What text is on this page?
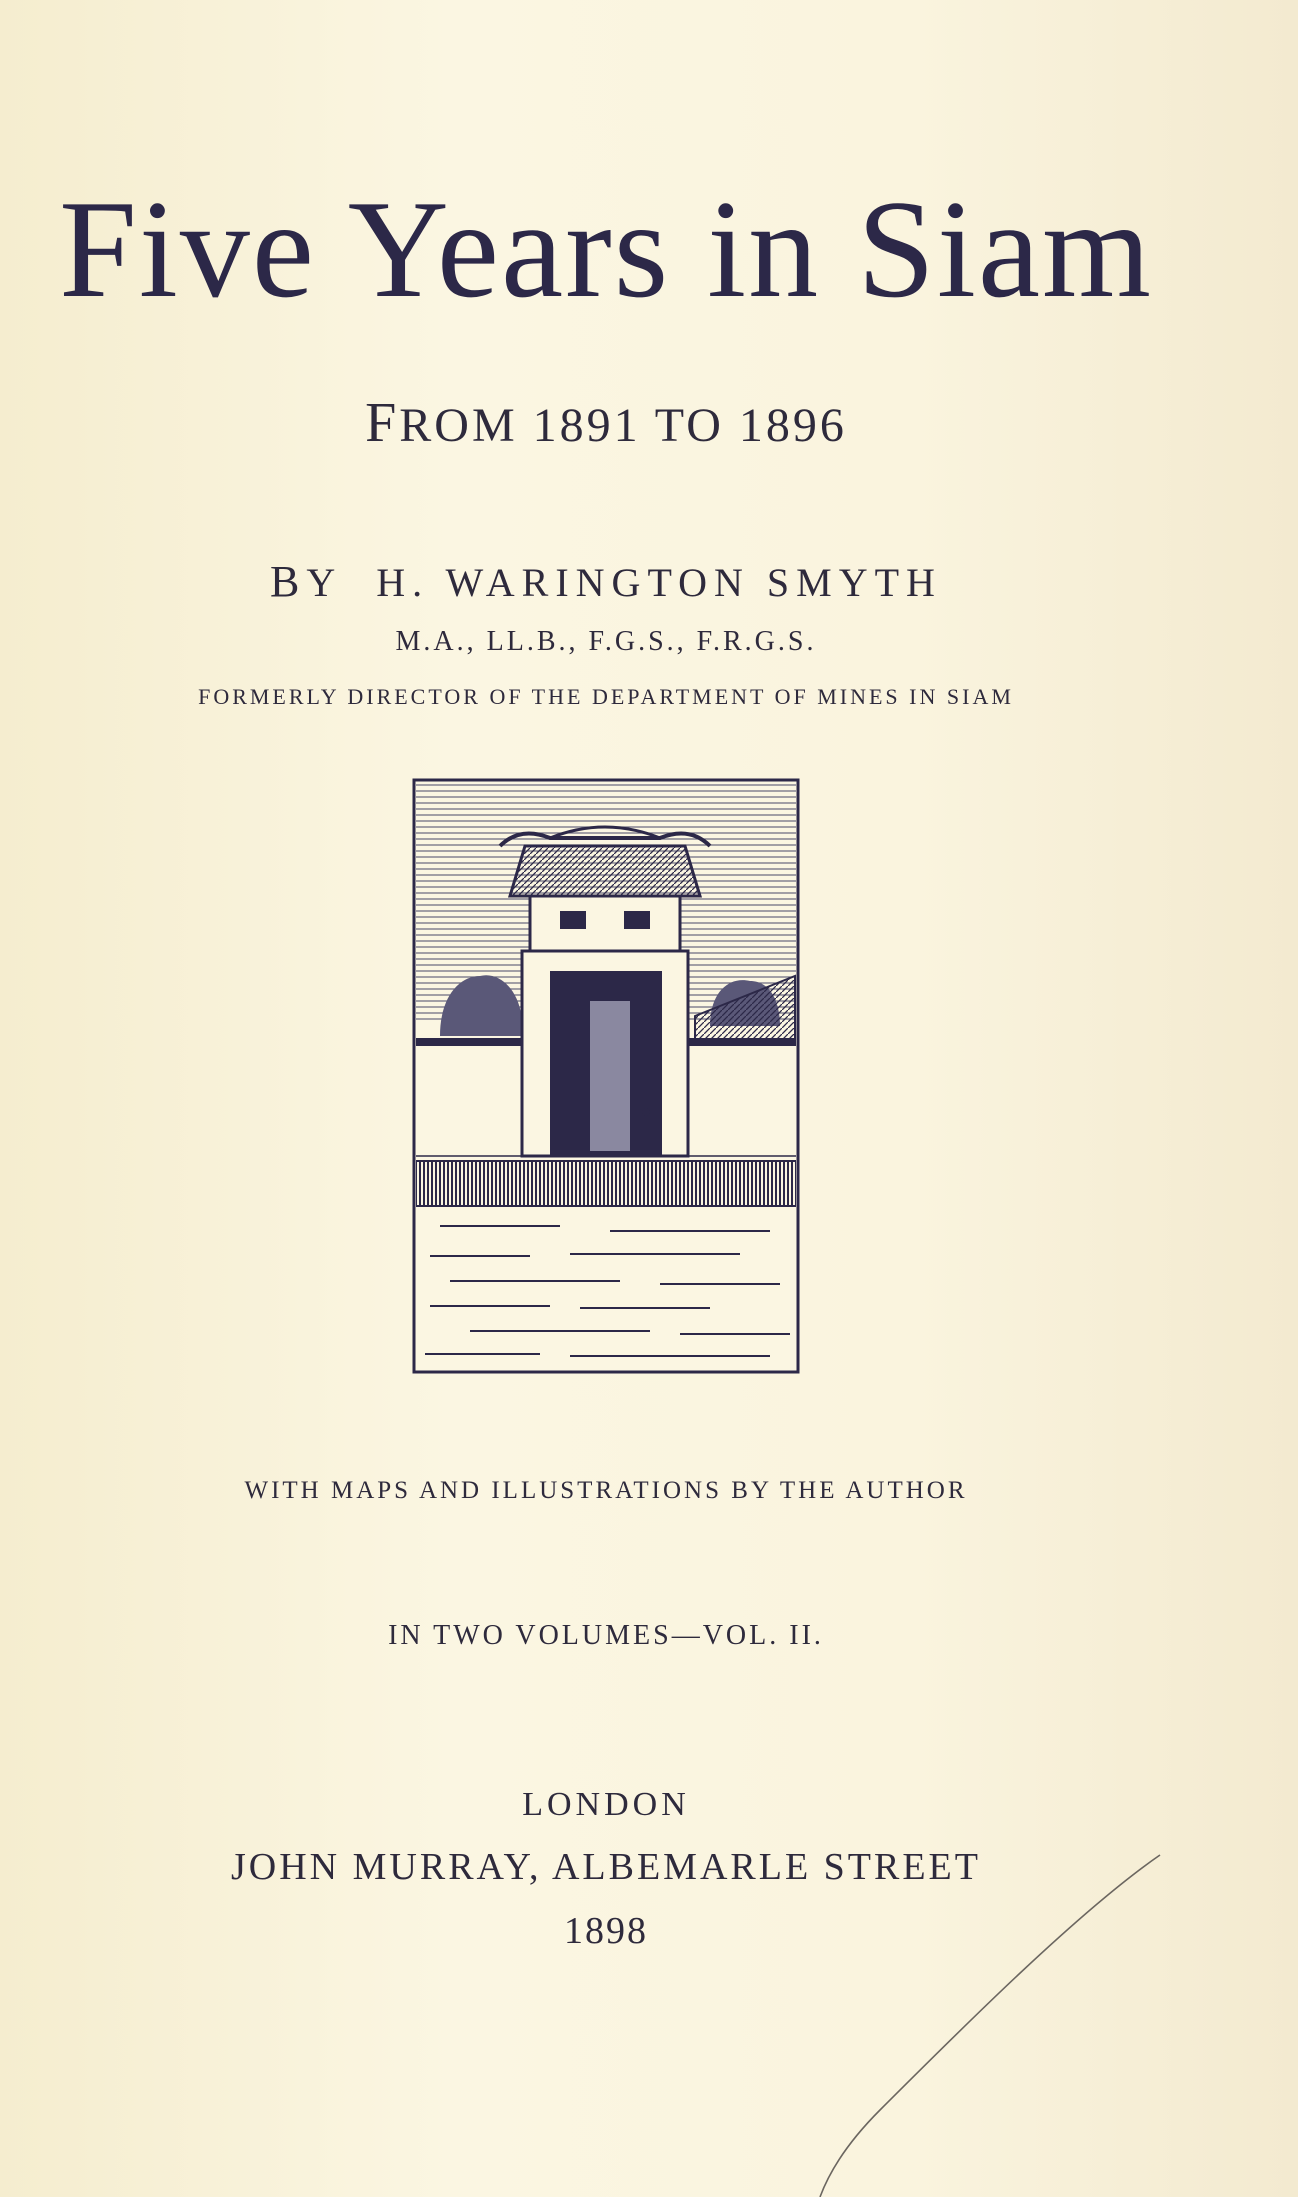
Five Years in Siam
FROM 1891 TO 1896
BY H. WARINGTON SMYTH
M.A., LL.B., F.G.S., F.R.G.S.
FORMERLY DIRECTOR OF THE DEPARTMENT OF MINES IN SIAM
WITH MAPS AND ILLUSTRATIONS BY THE AUTHOR
IN TWO VOLUMES—VOL. II.
LONDON
JOHN MURRAY, ALBEMARLE STREET
1898
